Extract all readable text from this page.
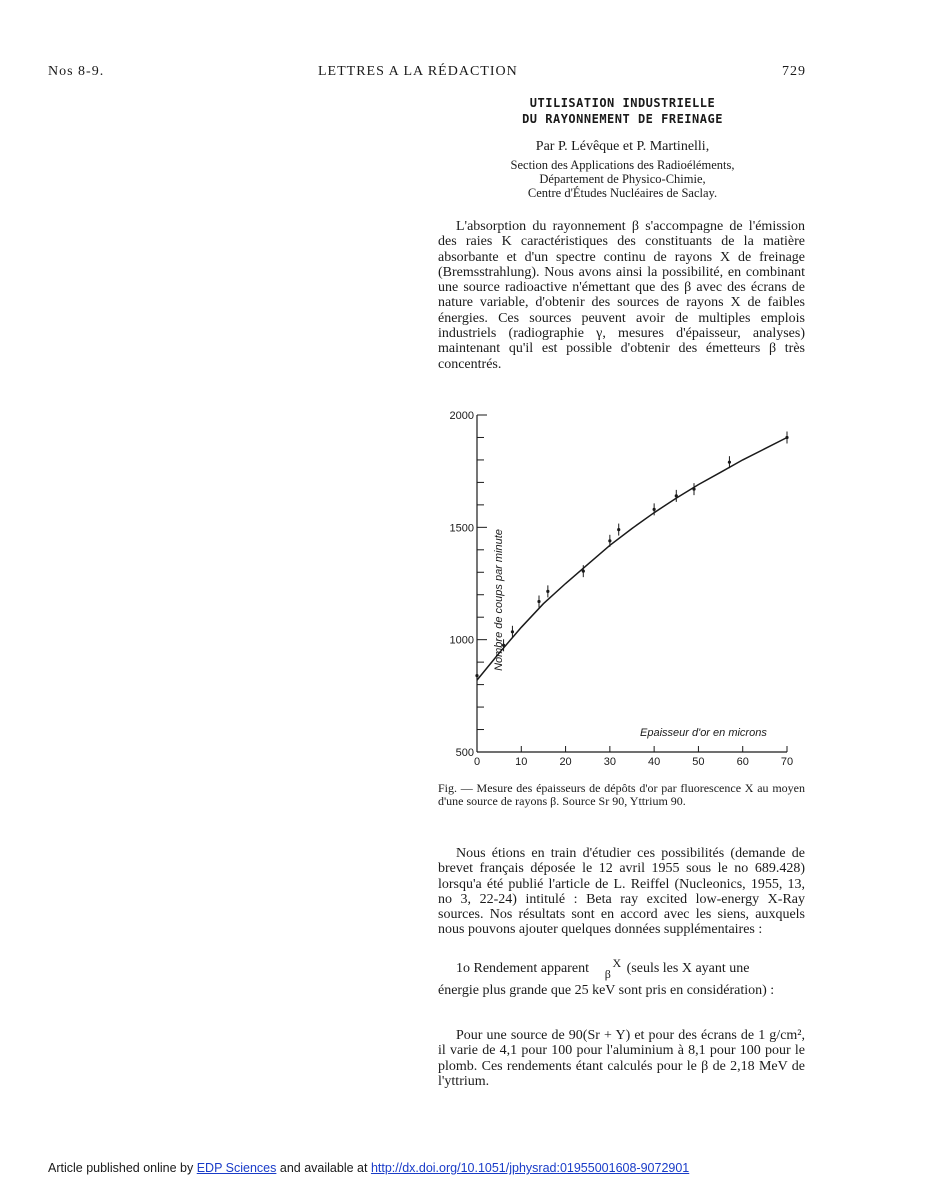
Nos 8-9.	LETTRES A LA RÉDACTION	729
UTILISATION INDUSTRIELLE
DU RAYONNEMENT DE FREINAGE
Par P. Lévêque et P. Martinelli,
Section des Applications des Radioéléments,
Département de Physico-Chimie,
Centre d'Études Nucléaires de Saclay.

L'absorption du rayonnement β s'accompagne de l'émission des raies K caractéristiques des constituants de la matière absorbante et d'un spectre continu de rayons X de freinage (Bremsstrahlung). Nous avons ainsi la possibilité, en combinant une source radioactive n'émettant que des β avec des écrans de nature variable, d'obtenir des sources de rayons X de faibles énergies. Ces sources peuvent avoir de multiples emplois industriels (radiographie γ, mesures d'épaisseur, analyses) maintenant qu'il est possible d'obtenir des émetteurs β très concentrés.

500
1000
1500
2000
0	10	20	30	40	50	60	70
Epaisseur d'or en microns
Nombre de coups par minute
Fig. — Mesure des épaisseurs de dépôts d'or par fluorescence X au moyen d'une source de rayons β. Source Sr 90, Yttrium 90.

Nous étions en train d'étudier ces possibilités (demande de brevet français déposée le 12 avril 1955 sous le no 689.428) lorsqu'a été publié l'article de L. Reiffel (Nucleonics, 1955, 13, no 3, 22-24) intitulé : Beta ray excited low-energy X-Ray sources. Nos résultats sont en accord avec les siens, auxquels nous pouvons ajouter quelques données supplémentaires :

1o Rendement apparent X
β (seuls les X ayant une

énergie plus grande que 25 keV sont pris en considération) :

Pour une source de 90(Sr + Y) et pour des écrans de 1 g/cm², il varie de 4,1 pour 100 pour l'aluminium à 8,1 pour 100 pour le plomb. Ces rendements étant calculés pour le β de 2,18 MeV de l'yttrium.

Article published online by EDP Sciences and available at http://dx.doi.org/10.1051/jphysrad:01955001608-9072901
